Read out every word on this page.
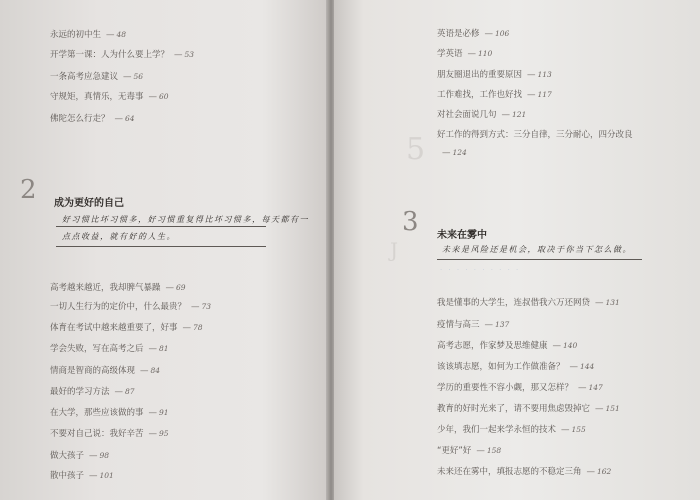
永远的初中生 — 48
开学第一课：人为什么要上学？ — 53
一条高考应急建议 — 56
守规矩，真情乐，无毒事 — 60
佛陀怎么行走？ — 64
2 成为更好的自己
好习惯比坏习惯多，好习惯重复得比坏习惯多，每天都有一
点点收益，就有好的人生。
高考越来越近，我却脾气暴躁 — 69
一切人生行为的定价中，什么最贵？ — 73
体育在考试中越来越重要了，好事 — 78
学会失败，写在高考之后 — 81
情商是智商的高级体现 — 84
最好的学习方法 — 87
在大学，那些应该做的事 — 91
不要对自己说：我好辛苦 — 95
做大孩子 — 98
散中孩子 — 101
5
J
英语是必修 — 106
学英语 — 110
朋友圈退出的重要原因 — 113
工作难找，工作也好找 — 117
对社会面说几句 — 121
好工作的得到方式：三分自律，三分耐心，四分改良
— 124
3 未来在雾中
未来是风险还是机会，取决于你当下怎么做。
· · · · · · · · · ·
我是懂事的大学生，连叔借我六万还网贷 — 131
疫情与高三 — 137
高考志愿，作家梦及思维健康 — 140
该该填志愿，如何为工作做准备？ — 144
学历的重要性不容小觑，那又怎样？ — 147
教育的好时光来了，请不要用焦虑毁掉它 — 151
少年，我们一起来学永恒的技术 — 155
“更好”好 — 158
未来还在雾中，填报志愿的不稳定三角 — 162
